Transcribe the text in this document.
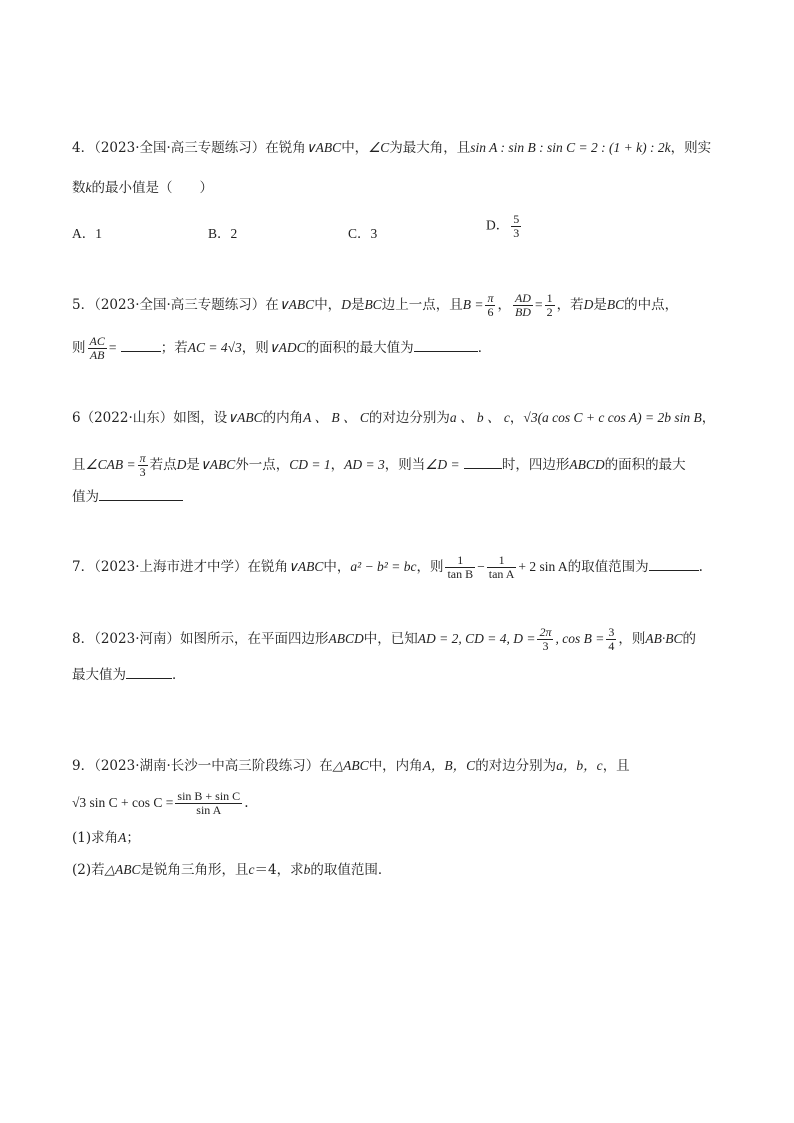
4．（2023·全国·高三专题练习）在锐角∨ABC中，∠C为最大角，且sin A : sin B : sin C = 2 : (1 + k) : 2k，则实
数k的最小值是（　　）
A．1	B．2	C．3
D． $\frac{5}{3}$
5．（2023·全国·高三专题练习）在∨ABC中，D是BC边上一点，且$B = \frac{\pi}{6}$ ， $\frac{AD}{BD} = \frac{1}{2}$ ，若D是BC的中点，
则 $\frac{AC}{AB}$ =	；若AC = 4√3，则∨ADC的面积的最大值为	．
6（2022·山东）如图，设∨ABC的内角A 、 B 、 C的对边分别为a 、 b 、 c，√3(a cos C + c cos A) = 2b sin B，
且∠CAB = $\frac{\pi}{3}$ 若点D是∨ABC外一点，CD = 1，AD = 3，则当∠D =	时，四边形ABCD的面积的最大
值为
7．（2023·上海市进才中学）在锐角∨ABC中，a² − b² = bc，则 $\frac{1}{\text{tan B}} - \frac{1}{\text{tan A}} + 2$ sin A的取值范围为	.
8．（2023·河南）如图所示，在平面四边形ABCD中，已知AD = 2, CD = 4, $D = \frac{2\pi}{3}$ , $\cos B = \frac{3}{4}$ ，则AB·BC的
最大值为	．
9．（2023·湖南·长沙一中高三阶段练习）在△ABC中，内角A，B，C的对边分别为a，b，c，且
√3 $\sin C + \cos C = \frac{\text{sin B + sin C}}{\text{sin A}}$ .
(1)求角A；
(2)若△ABC是锐角三角形，且c＝4，求b的取值范围．
